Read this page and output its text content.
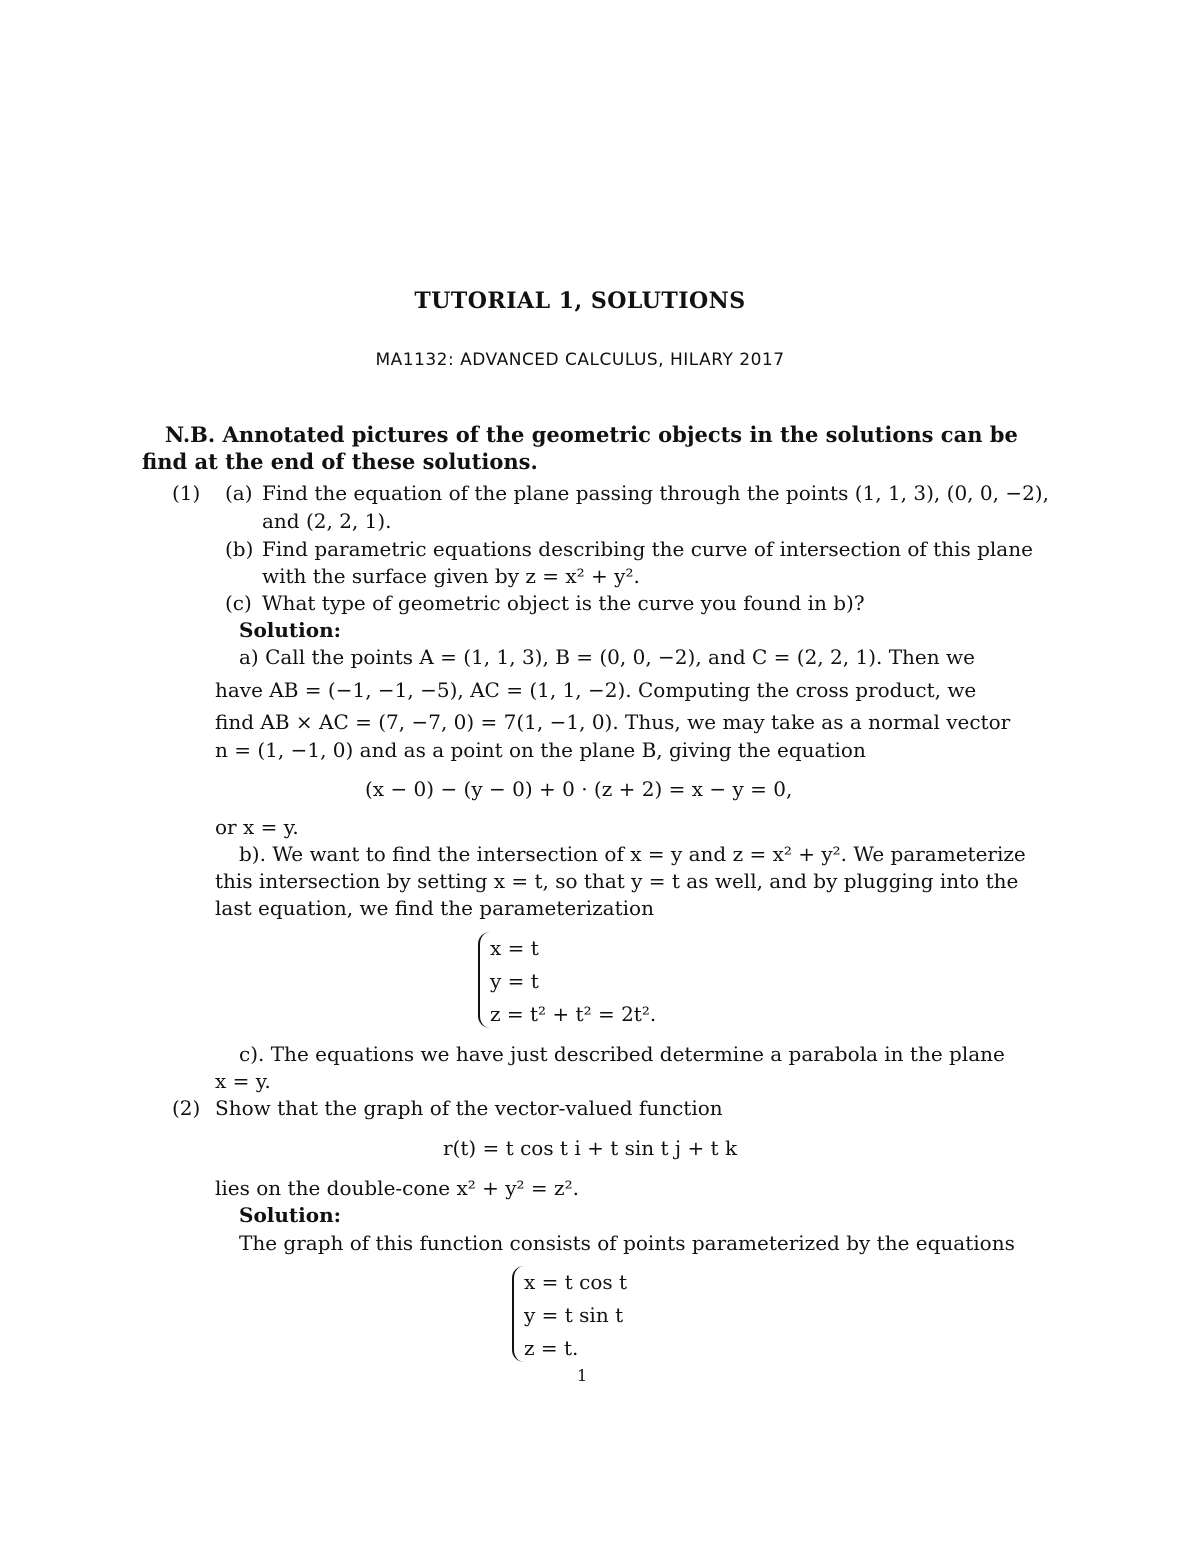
TUTORIAL 1, SOLUTIONS
MA1132: ADVANCED CALCULUS, HILARY 2017
N.B. Annotated pictures of the geometric objects in the solutions can be
find at the end of these solutions.
(1) (a) Find the equation of the plane passing through the points (1, 1, 3), (0, 0, −2),
and (2, 2, 1).
(b) Find parametric equations describing the curve of intersection of this plane
with the surface given by z = x² + y².
(c) What type of geometric object is the curve you found in b)?
Solution:
a) Call the points A = (1, 1, 3), B = (0, 0, −2), and C = (2, 2, 1). Then we
have AB = (−1, −1, −5), AC = (1, 1, −2). Computing the cross product, we
find AB × AC = (7, −7, 0) = 7(1, −1, 0). Thus, we may take as a normal vector
n = (1, −1, 0) and as a point on the plane B, giving the equation
(x − 0) − (y − 0) + 0 · (z + 2) = x − y = 0,
or x = y.
b). We want to find the intersection of x = y and z = x² + y². We parameterize
this intersection by setting x = t, so that y = t as well, and by plugging into the
last equation, we find the parameterization
x = t
y = t
z = t² + t² = 2t².
c). The equations we have just described determine a parabola in the plane
x = y.
(2) Show that the graph of the vector-valued function
r(t) = t cos t i + t sin t j + t k
lies on the double-cone x² + y² = z².
Solution:
The graph of this function consists of points parameterized by the equations
x = t cos t
y = t sin t
z = t.
1
